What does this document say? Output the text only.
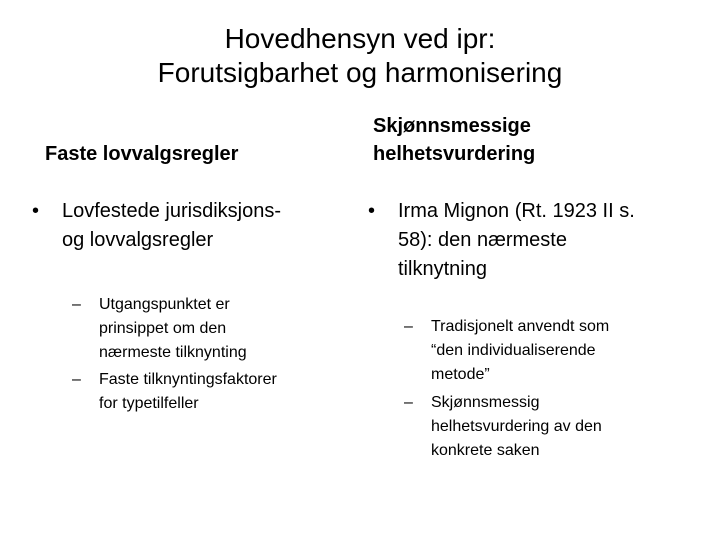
Hovedhensyn ved ipr:
Forutsigbarhet og harmonisering
Faste lovvalgsregler
• Lovfestede jurisdiksjons-
og lovvalgsregler
– Utgangspunktet er
prinsippet om den
nærmeste tilknynting
– Faste tilknyntingsfaktorer
for typetilfeller
Skjønnsmessige
helhetsvurdering
• Irma Mignon (Rt. 1923 II s.
58): den nærmeste
tilknytning
– Tradisjonelt anvendt som
“den individualiserende
metode”
– Skjønnsmessig
helhetsvurdering av den
konkrete saken
